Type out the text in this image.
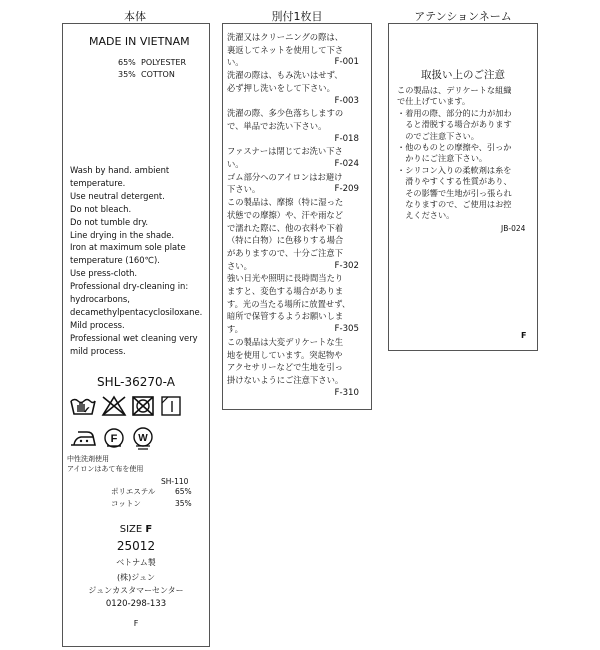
本体	別付1枚目	アテンションネーム
MADE IN VIETNAM
65% POLYESTER
35% COTTON
Wash by hand. ambient
temperature.
Use neutral detergent.
Do not bleach.
Do not tumble dry.
Line drying in the shade.
Iron at maximum sole plate
temperature (160℃).
Use press-cloth.
Professional dry-cleaning in:
hydrocarbons,
decamethylpentacyclosiloxane.
Mild process.
Professional wet cleaning very
mild process.
SHL-36270-A
F W
中性洗剤使用
アイロンはあて布を使用
SH-110
ポリエステル	65%
コットン	35%
SIZE F
25012
ベトナム製
(株)ジュン
ジュンカスタマーセンター
0120-298-133
F
洗濯又はクリーニングの際は、
裏返してネットを使用して下さ
い。	F-001
洗濯の際は、もみ洗いはせず、
必ず押し洗いをして下さい。
F-003
洗濯の際、多少色落ちしますの
で、単品でお洗い下さい。
F-018
ファスナーは閉じてお洗い下さ
い。	F-024
ゴム部分へのアイロンはお避け
下さい。	F-209
この製品は、摩擦（特に湿った
状態での摩擦）や、汗や雨など
で濡れた際に、他の衣料や下着
（特に白物）に色移りする場合
がありますので、十分ご注意下
さい。	F-302
強い日光や照明に長時間当たり
ますと、変色する場合がありま
す。光の当たる場所に放置せず、
暗所で保管するようお願いしま
す。	F-305
この製品は大変デリケートな生
地を使用しています。突起物や
アクセサリーなどで生地を引っ
掛けないようにご注意下さい。
F-310
取扱い上のご注意
この製品は、デリケートな組織
で仕上げています。
・着用の際、部分的に力が加わ
　ると滑脱する場合があります
　のでご注意下さい。
・他のものとの摩擦や、引っか
　かりにご注意下さい。
・シリコン入りの柔軟剤は糸を
　滑りやすくする性質があり、
　その影響で生地が引っ張られ
　なりますので、ご使用はお控
　えください。
JB-024
F
